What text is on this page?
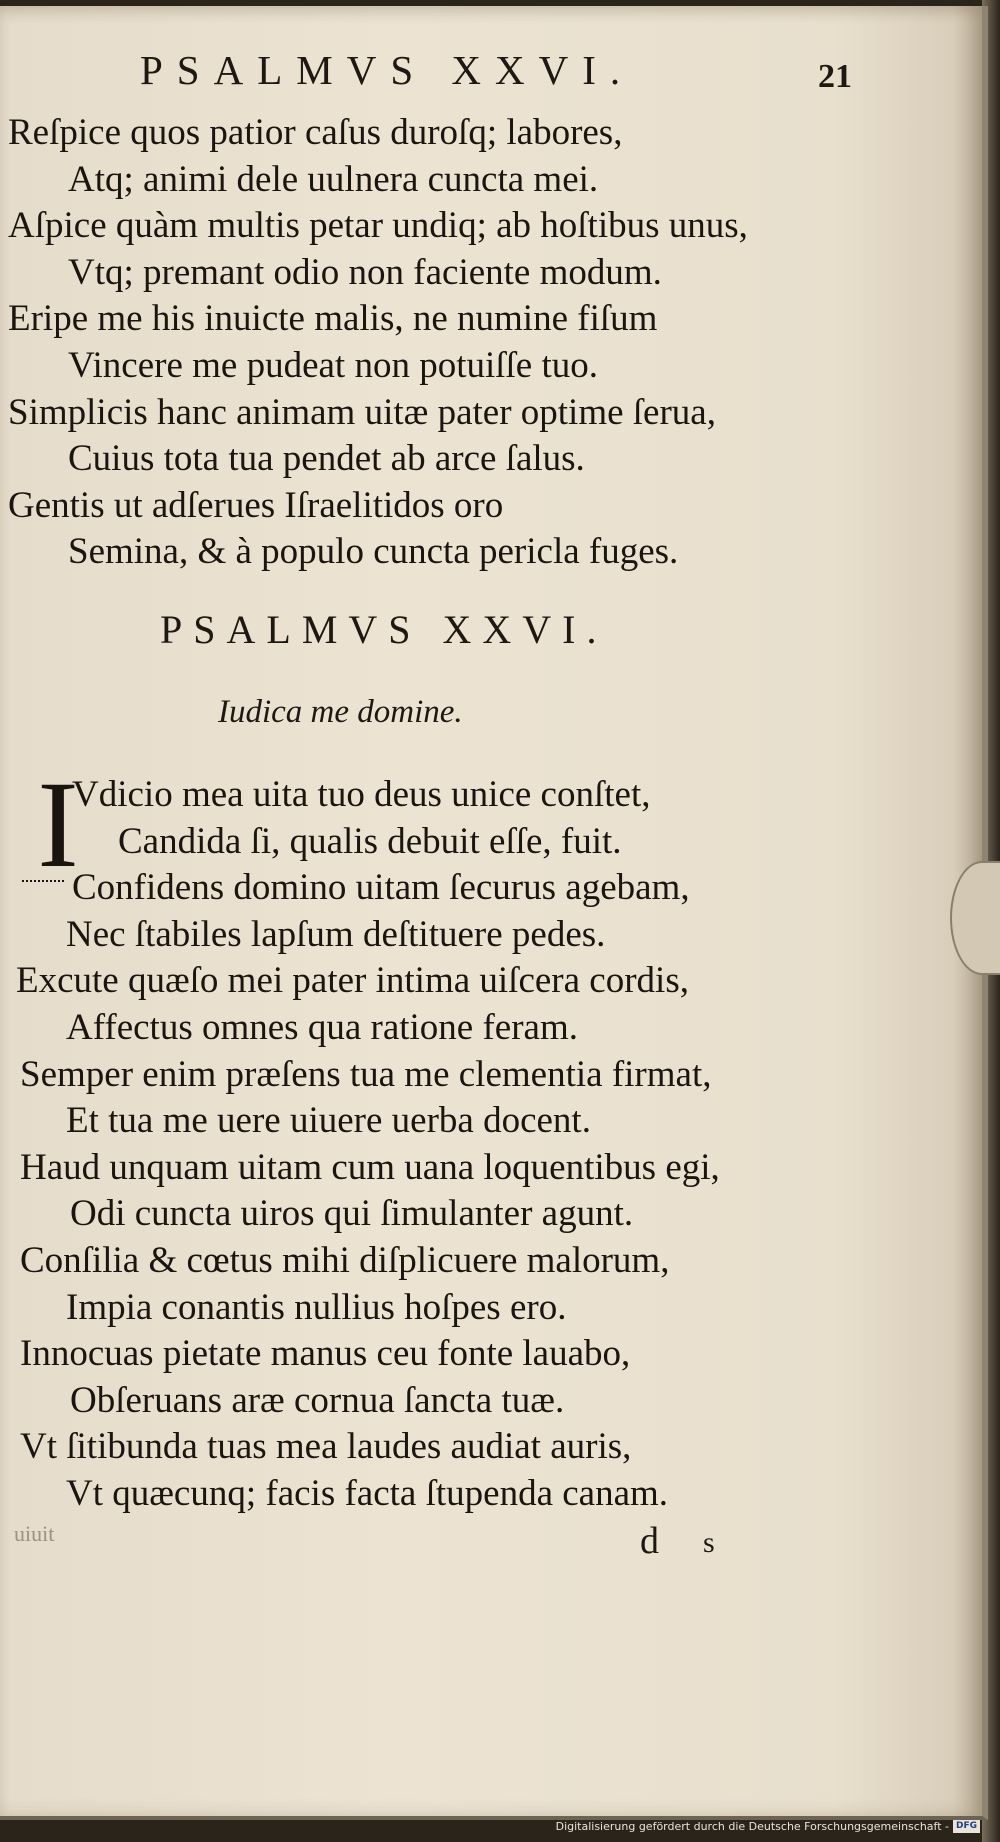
PSALMVS XXVI.	21
Reſpice quos patior caſus duroſq; labores,
Atq; animi dele uulnera cuncta mei.
Aſpice quàm multis petar undiq; ab hoſtibus unus,
Vtq; premant odio non faciente modum.
Eripe me his inuicte malis, ne numine fiſum
Vincere me pudeat non potuiſſe tuo.
Simplicis hanc animam uitæ pater optime ſerua,
Cuius tota tua pendet ab arce ſalus.
Gentis ut adſerues Iſraelitidos oro
Semina, & à populo cuncta pericla fuges.
PSALMVS XXVI.
Iudica me domine.
I
Vdicio mea uita tuo deus unice conſtet,
Candida ſi, qualis debuit eſſe, fuit.
Confidens domino uitam ſecurus agebam,
Nec ſtabiles lapſum deſtituere pedes.
Excute quæſo mei pater intima uiſcera cordis,
Affectus omnes qua ratione feram.
Semper enim præſens tua me clementia firmat,
Et tua me uere uiuere uerba docent.
Haud unquam uitam cum uana loquentibus egi,
Odi cuncta uiros qui ſimulanter agunt.
Conſilia & cœtus mihi diſplicuere malorum,
Impia conantis nullius hoſpes ero.
Innocuas pietate manus ceu fonte lauabo,
Obſeruans aræ cornua ſancta tuæ.
Vt ſitibunda tuas mea laudes audiat auris,
Vt quæcunq; facis facta ſtupenda canam.
uiuit	d s
Digitalisierung gefördert durch die Deutsche Forschungsgemeinschaft - DFG
